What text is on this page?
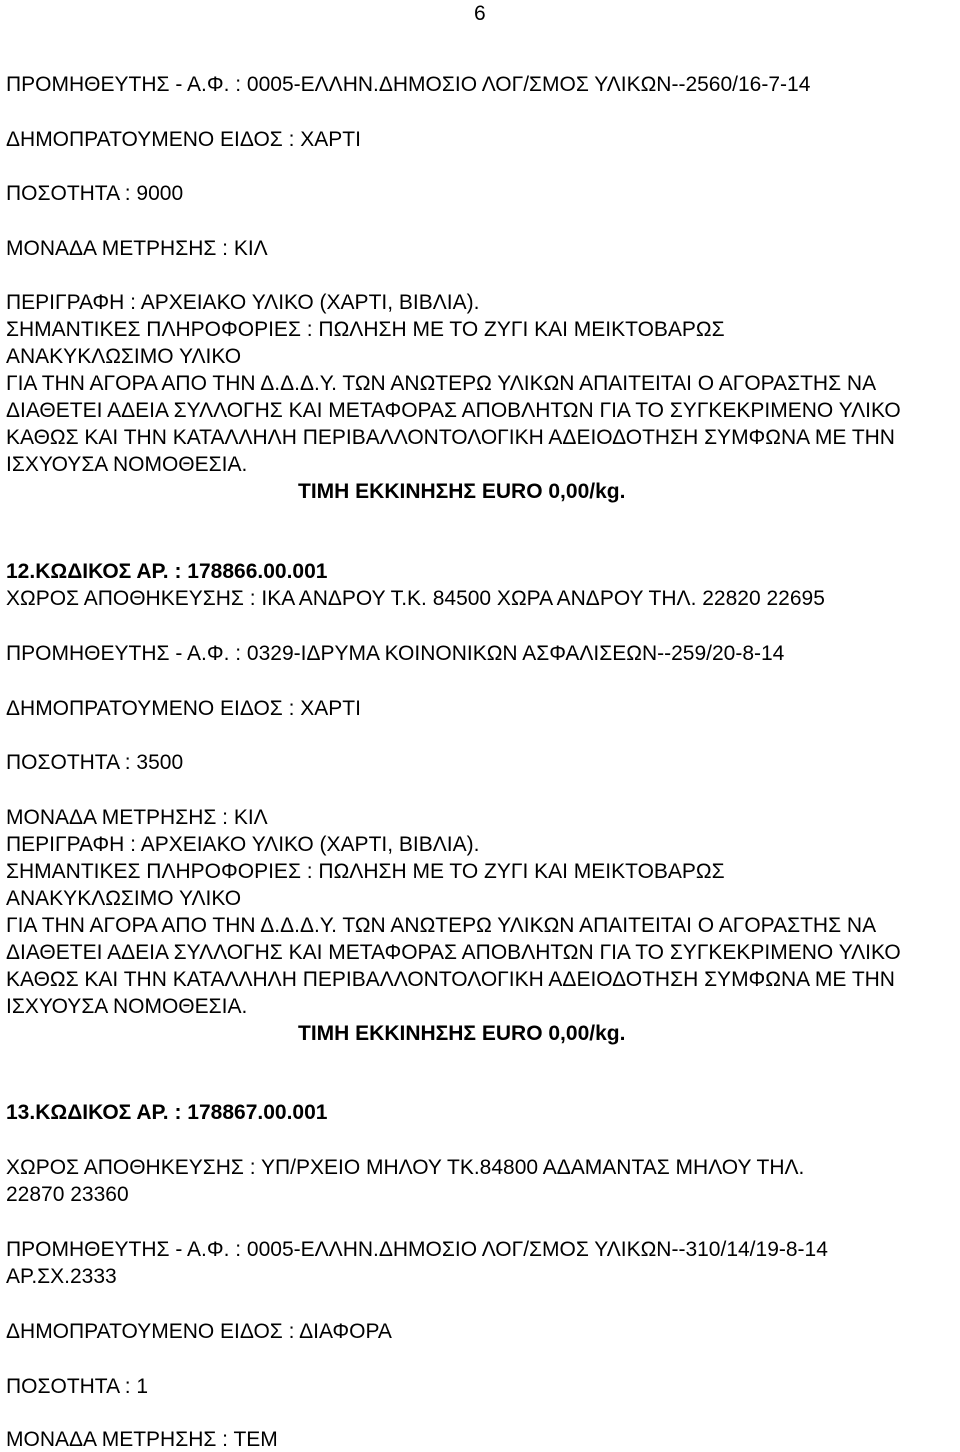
6
ΠΡΟΜΗΘΕΥΤΗΣ - Α.Φ. : 0005-ΕΛΛΗΝ.ΔΗΜΟΣΙΟ ΛΟΓ/ΣΜΟΣ ΥΛΙΚΩΝ--2560/16-7-14
ΔΗΜΟΠΡΑΤΟΥΜΕΝΟ ΕΙΔΟΣ : ΧΑΡΤΙ
ΠΟΣΟΤΗΤΑ : 9000
ΜΟΝΑΔΑ ΜΕΤΡΗΣΗΣ : ΚΙΛ
ΠΕΡΙΓΡΑΦΗ : ΑΡΧΕΙΑΚΟ ΥΛΙΚΟ (ΧΑΡΤΙ, ΒΙΒΛΙΑ).
ΣΗΜΑΝΤΙΚΕΣ ΠΛΗΡΟΦΟΡΙΕΣ : ΠΩΛΗΣΗ ΜΕ ΤΟ ΖΥΓΙ ΚΑΙ ΜΕΙΚΤΟΒΑΡΩΣ
ΑΝΑΚΥΚΛΩΣΙΜΟ ΥΛΙΚΟ
ΓΙΑ ΤΗΝ ΑΓΟΡΑ ΑΠΟ ΤΗΝ Δ.Δ.Δ.Υ. ΤΩΝ ΑΝΩΤΕΡΩ ΥΛΙΚΩΝ ΑΠΑΙΤΕΙΤΑΙ Ο ΑΓΟΡΑΣΤΗΣ ΝΑ
ΔΙΑΘΕΤΕΙ ΑΔΕΙΑ ΣΥΛΛΟΓΗΣ ΚΑΙ ΜΕΤΑΦΟΡΑΣ ΑΠΟΒΛΗΤΩΝ ΓΙΑ ΤΟ ΣΥΓΚΕΚΡΙΜΕΝΟ ΥΛΙΚΟ
ΚΑΘΩΣ ΚΑΙ ΤΗΝ ΚΑΤΑΛΛΗΛΗ ΠΕΡΙΒΑΛΛΟΝΤΟΛΟΓΙΚΗ ΑΔΕΙΟΔΟΤΗΣΗ ΣΥΜΦΩΝΑ ΜΕ ΤΗΝ
ΙΣΧΥΟΥΣΑ ΝΟΜΟΘΕΣΙΑ.
ΤΙΜΗ ΕΚΚΙΝΗΣΗΣ EURO 0,00/kg.
12.ΚΩΔΙΚΟΣ ΑΡ. : 178866.00.001
ΧΩΡΟΣ ΑΠΟΘΗΚΕΥΣΗΣ : ΙΚΑ ΑΝΔΡΟΥ Τ.Κ. 84500 ΧΩΡΑ ΑΝΔΡΟΥ ΤΗΛ. 22820 22695
ΠΡΟΜΗΘΕΥΤΗΣ - Α.Φ. : 0329-ΙΔΡΥΜΑ ΚΟΙΝΟΝΙΚΩΝ ΑΣΦΑΛΙΣΕΩΝ--259/20-8-14
ΔΗΜΟΠΡΑΤΟΥΜΕΝΟ ΕΙΔΟΣ : ΧΑΡΤΙ
ΠΟΣΟΤΗΤΑ : 3500
ΜΟΝΑΔΑ ΜΕΤΡΗΣΗΣ : ΚΙΛ
ΠΕΡΙΓΡΑΦΗ : ΑΡΧΕΙΑΚΟ ΥΛΙΚΟ (ΧΑΡΤΙ, ΒΙΒΛΙΑ).
ΣΗΜΑΝΤΙΚΕΣ ΠΛΗΡΟΦΟΡΙΕΣ : ΠΩΛΗΣΗ ΜΕ ΤΟ ΖΥΓΙ ΚΑΙ ΜΕΙΚΤΟΒΑΡΩΣ
ΑΝΑΚΥΚΛΩΣΙΜΟ ΥΛΙΚΟ
ΓΙΑ ΤΗΝ ΑΓΟΡΑ ΑΠΟ ΤΗΝ Δ.Δ.Δ.Υ. ΤΩΝ ΑΝΩΤΕΡΩ ΥΛΙΚΩΝ ΑΠΑΙΤΕΙΤΑΙ Ο ΑΓΟΡΑΣΤΗΣ ΝΑ
ΔΙΑΘΕΤΕΙ ΑΔΕΙΑ ΣΥΛΛΟΓΗΣ ΚΑΙ ΜΕΤΑΦΟΡΑΣ ΑΠΟΒΛΗΤΩΝ ΓΙΑ ΤΟ ΣΥΓΚΕΚΡΙΜΕΝΟ ΥΛΙΚΟ
ΚΑΘΩΣ ΚΑΙ ΤΗΝ ΚΑΤΑΛΛΗΛΗ ΠΕΡΙΒΑΛΛΟΝΤΟΛΟΓΙΚΗ ΑΔΕΙΟΔΟΤΗΣΗ ΣΥΜΦΩΝΑ ΜΕ ΤΗΝ
ΙΣΧΥΟΥΣΑ ΝΟΜΟΘΕΣΙΑ.
ΤΙΜΗ ΕΚΚΙΝΗΣΗΣ EURO 0,00/kg.
13.ΚΩΔΙΚΟΣ ΑΡ. : 178867.00.001
ΧΩΡΟΣ ΑΠΟΘΗΚΕΥΣΗΣ : ΥΠ/ΡΧΕΙΟ ΜΗΛΟΥ ΤΚ.84800 ΑΔΑΜΑΝΤΑΣ ΜΗΛΟΥ ΤΗΛ.
22870 23360
ΠΡΟΜΗΘΕΥΤΗΣ - Α.Φ. : 0005-ΕΛΛΗΝ.ΔΗΜΟΣΙΟ ΛΟΓ/ΣΜΟΣ ΥΛΙΚΩΝ--310/14/19-8-14
ΑΡ.ΣΧ.2333
ΔΗΜΟΠΡΑΤΟΥΜΕΝΟ ΕΙΔΟΣ : ΔΙΑΦΟΡΑ
ΠΟΣΟΤΗΤΑ : 1
ΜΟΝΑΔΑ ΜΕΤΡΗΣΗΣ : ΤΕΜ
